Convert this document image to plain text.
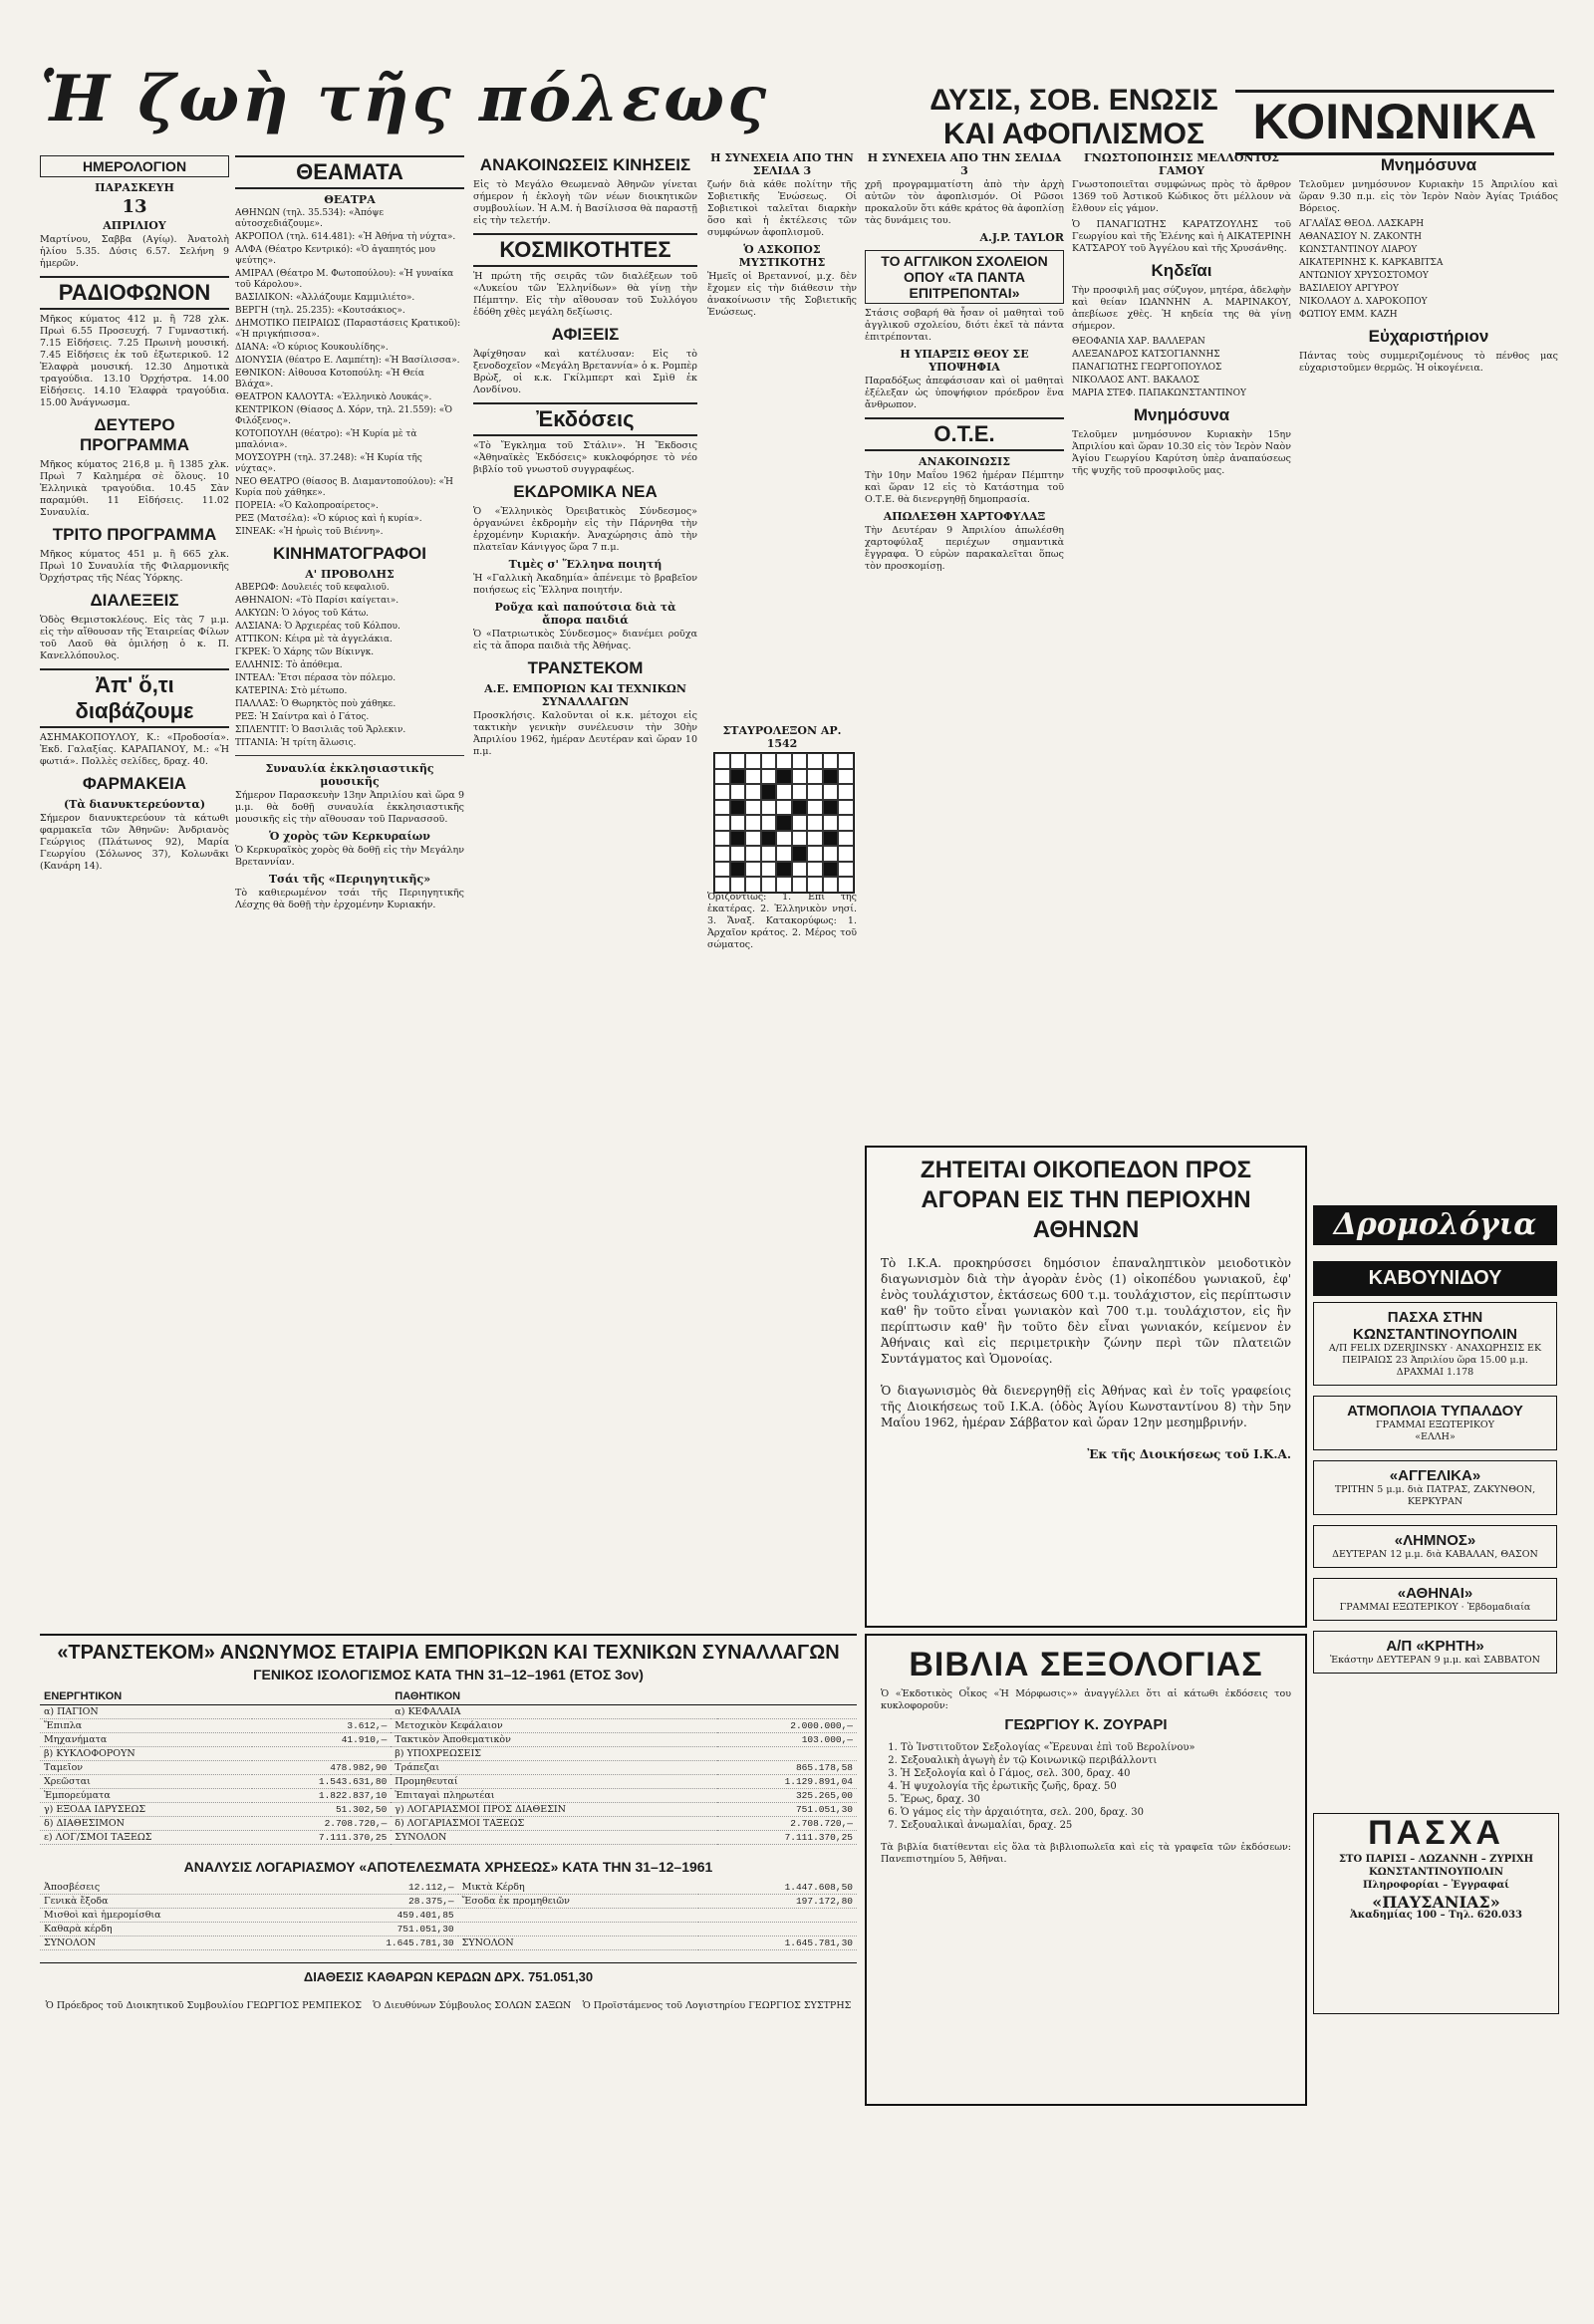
Ἡ ζωὴ τῆς πόλεως	ΔΥΣΙΣ, ΣΟΒ. ΕΝΩΣΙΣ
ΚΑΙ ΑΦΟΠΛΙΣΜΟΣ ΚΟΙΝΩΝΙΚΑ
ΗΜΕΡΟΛΟΓΙΟΝ
ΠΑΡΑΣΚΕΥΗ
13
ΑΠΡΙΛΙΟΥ

Μαρτίνου, Σαββα (Αγίῳ). Ἀνατολὴ ἡλίου 5.35. Δύσις 6.57. Σελήνη 9 ἡμερῶν.

ΡΑΔΙΟΦΩΝΟΝ

Μῆκος κύματος 412 μ. ἢ 728 χλκ. Πρωὶ 6.55 Προσευχή. 7 Γυμναστική. 7.15 Εἰδήσεις. 7.25 Πρωινὴ μουσική. 7.45 Εἰδήσεις ἐκ τοῦ ἐξωτερικοῦ. 12 Ἐλαφρὰ μουσική. 12.30 Δημοτικὰ τραγούδια. 13.10 Ὀρχήστρα. 14.00 Εἰδήσεις. 14.10 Ἐλαφρὰ τραγούδια. 15.00 Ἀνάγνωσμα.

ΔΕΥΤΕΡΟ ΠΡΟΓΡΑΜΜΑ

Μῆκος κύματος 216,8 μ. ἢ 1385 χλκ. Πρωὶ 7 Καλημέρα σὲ ὅλους. 10 Ἑλληνικὰ τραγούδια. 10.45 Σὰν παραμύθι. 11 Εἰδήσεις. 11.02 Συναυλία.

ΤΡΙΤΟ ΠΡΟΓΡΑΜΜΑ

Μῆκος κύματος 451 μ. ἢ 665 χλκ. Πρωὶ 10 Συναυλία τῆς Φιλαρμονικῆς Ὀρχήστρας τῆς Νέας Ὑόρκης.

ΔΙΑΛΕΞΕΙΣ

Ὁδὸς Θεμιστοκλέους. Εἰς τὰς 7 μ.μ. εἰς τὴν αἴθουσαν τῆς Ἑταιρείας Φίλων τοῦ Λαοῦ θὰ ὁμιλήσῃ ὁ κ. Π. Κανελλόπουλος.

Ἀπ' ὅ,τι διαβάζουμε

ΑΣΗΜΑΚΟΠΟΥΛΟΥ, Κ.: «Προδοσία». Ἐκδ. Γαλαξίας. ΚΑΡΑΠΑΝΟΥ, Μ.: «Ἡ φωτιά». Πολλὲς σελίδες, δραχ. 40.

ΦΑΡΜΑΚΕΙΑ
(Τὰ διανυκτερεύοντα)

Σήμερον διανυκτερεύουν τὰ κάτωθι φαρμακεῖα τῶν Ἀθηνῶν: Ἀνδριανὸς Γεώργιος (Πλάτωνος 92), Μαρία Γεωργίου (Σόλωνος 37), Κολωνᾶκι (Κανάρη 14).

ΘΕΑΜΑΤΑ
ΘΕΑΤΡΑ
ΑΘΗΝΩΝ (τηλ. 35.534): «Ἀπόψε αὐτοσχεδιάζουμε».
ΑΚΡΟΠΟΛ (τηλ. 614.481): «Ἡ Ἀθήνα τὴ νύχτα».
ΑΛΦΑ (Θέατρο Κεντρικό): «Ὁ ἀγαπητός μου ψεύτης».
ΑΜΙΡΑΛ (Θέατρο Μ. Φωτοπούλου): «Ἡ γυναίκα τοῦ Κάρολου».
ΒΑΣΙΛΙΚΟΝ: «Ἀλλάζουμε Καμμιλιέτο».
ΒΕΡΓΗ (τηλ. 25.235): «Κουτσάκιος».
ΔΗΜΟΤΙΚΟ ΠΕΙΡΑΙΩΣ (Παραστάσεις Κρατικοῦ): «Ἡ πριγκήπισσα».
ΔΙΑΝΑ: «Ὁ κύριος Κουκουλίδης».
ΔΙΟΝΥΣΙΑ (θέατρο Ε. Λαμπέτη): «Ἡ Βασίλισσα».
ΕΘΝΙΚΟΝ: Αἰθουσα Κοτοπούλη: «Ἡ Θεία Βλάχα».
ΘΕΑΤΡΟΝ ΚΑΛΟΥΤΑ: «Ἑλληνικὸ Λουκάς».
ΚΕΝΤΡΙΚΟΝ (Θίασος Δ. Χόρν, τηλ. 21.559): «Ὁ Φιλόξενος».
ΚΟΤΟΠΟΥΛΗ (θέατρο): «Ἡ Κυρία μὲ τὰ μπαλόνια».
ΜΟΥΣΟΥΡΗ (τηλ. 37.248): «Ἡ Κυρία τῆς νύχτας».
ΝΕΟ ΘΕΑΤΡΟ (θίασος Β. Διαμαντοπούλου): «Ἡ Κυρία ποὺ χάθηκε».
ΠΟΡΕΙΑ: «Ὁ Καλοπροαίρετος».
ΡΕΞ (Ματσέλα): «Ὁ κύριος καὶ ἡ κυρία».
ΣΙΝΕΑΚ: «Ἡ ἡρωὶς τοῦ Βιέννη».
ΚΙΝΗΜΑΤΟΓΡΑΦΟΙ
Α' ΠΡΟΒΟΛΗΣ
ΑΒΕΡΩΦ: Δουλειές τοῦ κεφαλιοῦ.
ΑΘΗΝΑΙΟΝ: «Τὸ Παρίσι καίγεται».
ΑΛΚΥΩΝ: Ὁ λόγος τοῦ Κάτω.
ΑΛΣΙΑΝΑ: Ὁ Ἀρχιερέας τοῦ Κόλπου.
ΑΤΤΙΚΟΝ: Κέιρα μὲ τὰ ἀγγελάκια.
ΓΚΡΕΚ: Ὁ Χάρης τῶν Βίκινγκ.
ΕΛΛΗΝΙΣ: Τὸ ἀπόθεμα.
ΙΝΤΕΑΛ: Ἔτσι πέρασα τὸν πόλεμο.
ΚΑΤΕΡΙΝΑ: Στὸ μέτωπο.
ΠΑΛΛΑΣ: Ὁ Θωρηκτὸς ποὺ χάθηκε.
ΡΕΞ: Ἡ Σαίντρα καὶ ὁ Γάτος.
ΣΠΛΕΝΤΙΤ: Ὁ Βασιλιᾶς τοῦ Ἄρλεκιν.
ΤΙΤΑΝΙΑ: Ἡ τρίτη ἄλωσις.
Συναυλία ἐκκλησιαστικῆς μουσικῆς

Σήμερον Παρασκευὴν 13ην Ἀπριλίου καὶ ὥρα 9 μ.μ. θὰ δοθῇ συναυλία ἐκκλησιαστικῆς μουσικῆς εἰς τὴν αἴθουσαν τοῦ Παρνασσοῦ.

Ὁ χορὸς τῶν Κερκυραίων

Ὁ Κερκυραϊκὸς χορὸς θὰ δοθῇ εἰς τὴν Μεγάλην Βρεταννίαν.

Τσάι τῆς «Περιηγητικῆς»

Τὸ καθιερωμένον τσάι τῆς Περιηγητικῆς Λέσχης θὰ δοθῇ τὴν ἐρχομένην Κυριακήν.

ΑΝΑΚΟΙΝΩΣΕΙΣ ΚΙΝΗΣΕΙΣ

Εἰς τὸ Μεγάλο Θεωμεναὸ Ἀθηνῶν γίνεται σήμερον ἡ ἐκλογὴ τῶν νέων διοικητικῶν συμβουλίων. Ἡ Α.Μ. ἡ Βασίλισσα θὰ παραστῇ εἰς τὴν τελετήν.

ΚΟΣΜΙΚΟΤΗΤΕΣ

Ἡ πρώτη τῆς σειρᾶς τῶν διαλέξεων τοῦ «Λυκείου τῶν Ἑλληνίδων» θὰ γίνῃ τὴν Πέμπτην. Εἰς τὴν αἴθουσαν τοῦ Συλλόγου ἐδόθη χθὲς μεγάλη δεξίωσις.

ΑΦΙΞΕΙΣ

Ἀφίχθησαν καὶ κατέλυσαν: Εἰς τὸ ξενοδοχεῖον «Μεγάλη Βρεταννία» ὁ κ. Ρομπὲρ Βρὼξ, οἱ κ.κ. Γκίλμπερτ καὶ Σμὶθ ἐκ Λονδίνου.

Ἐκδόσεις

«Τὸ Ἔγκλημα τοῦ Στάλιν». Ἡ Ἔκδοσις «Ἀθηναϊκὲς Ἐκδόσεις» κυκλοφόρησε τὸ νέο βιβλίο τοῦ γνωστοῦ συγγραφέως.

ΕΚΔΡΟΜΙΚΑ ΝΕΑ

Ὁ «Ἑλληνικὸς Ὀρειβατικὸς Σύνδεσμος» ὀργανώνει ἐκδρομὴν εἰς τὴν Πάρνηθα τὴν ἐρχομένην Κυριακήν. Ἀναχώρησις ἀπὸ τὴν πλατεῖαν Κάνιγγος ὥρα 7 π.μ.

Τιμὲς σ' Ἕλληνα ποιητή

Ἡ «Γαλλικὴ Ἀκαδημία» ἀπένειμε τὸ βραβεῖον ποιήσεως εἰς Ἕλληνα ποιητήν.

Ροῦχα καὶ παπούτσια διὰ τὰ ἄπορα παιδιά

Ὁ «Πατριωτικὸς Σύνδεσμος» διανέμει ροῦχα εἰς τὰ ἄπορα παιδιὰ τῆς Ἀθήνας.

ΤΡΑΝΣΤΕΚΟΜ
Α.Ε. ΕΜΠΟΡΙΩΝ ΚΑΙ ΤΕΧΝΙΚΩΝ ΣΥΝΑΛΛΑΓΩΝ

Προσκλήσις. Καλοῦνται οἱ κ.κ. μέτοχοι εἰς τακτικὴν γενικὴν συνέλευσιν τὴν 30ὴν Ἀπριλίου 1962, ἡμέραν Δευτέραν καὶ ὥραν 10 π.μ.

Η ΣΥΝΕΧΕΙΑ ΑΠΟ ΤΗΝ ΣΕΛΙΔΑ 3

ζωήν διὰ κάθε πολίτην τῆς Σοβιετικῆς Ἑνώσεως. Οἱ Σοβιετικοὶ ταλεῖται διαρκὴν ὅσο καὶ ἡ ἐκτέλεσις τῶν συμφώνων ἀφοπλισμοῦ.

Ὁ ΑΣΚΟΠΟΣ ΜΥΣΤΙΚΟΤΗΣ

Ἡμεῖς οἱ Βρεταννοί, μ.χ. δὲν ἔχομεν εἰς τὴν διάθεσιν τὴν ἀνακοίνωσιν τῆς Σοβιετικῆς Ἑνώσεως.

ΣΤΑΥΡΟΛΕΞΟΝ ΑΡ. 1542

Ὁριζοντίως: 1. Ἐπὶ τῆς ἑκατέρας. 2. Ἑλληνικὸν νησί. 3. Ἄναξ. Κατακορύφως: 1. Ἀρχαῖον κράτος. 2. Μέρος τοῦ σώματος.

Η ΣΥΝΕΧΕΙΑ ΑΠΟ ΤΗΝ ΣΕΛΙΔΑ 3

χρῆ προγραμματίστη ἀπὸ τὴν ἀρχὴ αὐτῶν τὸν ἀφοπλισμόν. Οἱ Ρῶσοι προκαλοῦν ὅτι κάθε κράτος θὰ ἀφοπλίσῃ τὰς δυνάμεις του.

A.J.P. TAYLOR
ΤΟ ΑΓΓΛΙΚΟΝ ΣΧΟΛΕΙΟΝ ΟΠΟΥ «ΤΑ ΠΑΝΤΑ ΕΠΙΤΡΕΠΟΝΤΑΙ»

Στάσις σοβαρή θὰ ἦσαν οἱ μαθηταὶ τοῦ ἀγγλικοῦ σχολείου, διότι ἐκεῖ τὰ πάντα ἐπιτρέπονται.

Η ΥΠΑΡΞΙΣ ΘΕΟΥ ΣΕ ΥΠΟΨΗΦΙΑ

Παραδόξως ἀπεφάσισαν καὶ οἱ μαθηταὶ ἐξέλεξαν ὡς ὑποψήφιον πρόεδρον ἕνα ἄνθρωπον.

Ο.Τ.Ε.
ΑΝΑΚΟΙΝΩΣΙΣ

Τὴν 10ην Μαΐου 1962 ἡμέραν Πέμπτην καὶ ὥραν 12 εἰς τὸ Κατάστημα τοῦ Ο.Τ.Ε. θὰ διενεργηθῇ δημοπρασία.

ΑΠΩΛΕΣΘΗ ΧΑΡΤΟΦΥΛΑΞ

Τὴν Δευτέραν 9 Ἀπριλίου ἀπωλέσθη χαρτοφύλαξ περιέχων σημαντικὰ ἔγγραφα. Ὁ εὑρὼν παρακαλεῖται ὅπως τὸν προσκομίσῃ.

ΓΝΩΣΤΟΠΟΙΗΣΙΣ ΜΕΛΛΟΝΤΟΣ ΓΑΜΟΥ

Γνωστοποιεῖται συμφώνως πρὸς τὸ ἄρθρον 1369 τοῦ Ἀστικοῦ Κώδικος ὅτι μέλλουν νὰ ἔλθουν εἰς γάμον.

Ὁ ΠΑΝΑΓΙΩΤΗΣ ΚΑΡΑΤΖΟΥΛΗΣ τοῦ Γεωργίου καὶ τῆς Ἑλένης καὶ ἡ ΑΙΚΑΤΕΡΙΝΗ ΚΑΤΣΑΡΟΥ τοῦ Ἀγγέλου καὶ τῆς Χρυσάνθης.

Κηδεῖαι

Τὴν προσφιλῆ μας σύζυγον, μητέρα, ἀδελφὴν καὶ θείαν ΙΩΑΝΝΗΝ Α. ΜΑΡΙΝΑΚΟΥ, ἀπεβίωσε χθὲς. Ἡ κηδεία της θὰ γίνῃ σήμερον.

ΘΕΟΦΑΝΙΑ ΧΑΡ. ΒΑΛΛΕΡΑΝ
ΑΛΕΞΑΝΔΡΟΣ ΚΑΤΣΟΓΙΑΝΝΗΣ
ΠΑΝΑΓΙΩΤΗΣ ΓΕΩΡΓΟΠΟΥΛΟΣ
ΝΙΚΟΛΑΟΣ ΑΝΤ. ΒΑΚΑΛΟΣ
ΜΑΡΙΑ ΣΤΕΦ. ΠΑΠΑΚΩΝΣΤΑΝΤΙΝΟΥ
Μνημόσυνα

Τελοῦμεν μνημόσυνον Κυριακὴν 15ην Ἀπριλίου καὶ ὥραν 10.30 εἰς τὸν Ἱερὸν Ναὸν Ἁγίου Γεωργίου Καρύτση ὑπὲρ ἀναπαύσεως τῆς ψυχῆς τοῦ προσφιλοῦς μας.

Μνημόσυνα

Τελοῦμεν μνημόσυνον Κυριακὴν 15 Ἀπριλίου καὶ ὥραν 9.30 π.μ. εἰς τὸν Ἱερὸν Ναὸν Ἁγίας Τριάδος Βόρειος.

ΑΓΛΑΪΑΣ ΘΕΟΔ. ΛΑΣΚΑΡΗ
ΑΘΑΝΑΣΙΟΥ Ν. ΖΑΚΟΝΤΗ
ΚΩΝΣΤΑΝΤΙΝΟΥ ΛΙΑΡΟΥ
ΑΙΚΑΤΕΡΙΝΗΣ Κ. ΚΑΡΚΑΒΙΤΣΑ
ΑΝΤΩΝΙΟΥ ΧΡΥΣΟΣΤΟΜΟΥ
ΒΑΣΙΛΕΙΟΥ ΑΡΓΥΡΟΥ
ΝΙΚΟΛΑΟΥ Δ. ΧΑΡΟΚΟΠΟΥ
ΦΩΤΙΟΥ ΕΜΜ. ΚΑΖΗ
Εὐχαριστήριον

Πάντας τοὺς συμμεριζομένους τὸ πένθος μας εὐχαριστοῦμεν θερμῶς. Ἡ οἰκογένεια.

ΖΗΤΕΙΤΑΙ ΟΙΚΟΠΕΔΟΝ ΠΡΟΣ ΑΓΟΡΑΝ ΕΙΣ ΤΗΝ ΠΕΡΙΟΧΗΝ ΑΘΗΝΩΝ
Τὸ Ι.Κ.Α. προκηρύσσει δημόσιον ἐπαναληπτικὸν μειοδοτικὸν διαγωνισμὸν διὰ τὴν ἀγορὰν ἑνὸς (1) οἰκοπέδου γωνιακοῦ, ἐφ' ἑνὸς τουλάχιστον, ἐκτάσεως 600 τ.μ. τουλάχιστον, εἰς περίπτωσιν καθ' ἣν τοῦτο εἶναι γωνιακὸν καὶ 700 τ.μ. τουλάχιστον, εἰς ἣν περίπτωσιν καθ' ἣν τοῦτο δὲν εἶναι γωνιακόν, κείμενον ἐν Ἀθήναις καὶ εἰς περιμετρικὴν ζώνην περὶ τῶν πλατειῶν Συντάγματος καὶ Ὁμονοίας.
Ὁ διαγωνισμὸς θὰ διενεργηθῇ εἰς Ἀθήνας καὶ ἐν τοῖς γραφείοις τῆς Διοικήσεως τοῦ Ι.Κ.Α. (ὁδὸς Ἁγίου Κωνσταντίνου 8) τὴν 5ην Μαΐου 1962, ἡμέραν Σάββατον καὶ ὥραν 12ην μεσημβρινήν.
Ἐκ τῆς Διοικήσεως τοῦ Ι.Κ.Α.
ΒΙΒΛΙΑ ΣΕΞΟΛΟΓΙΑΣ
Ὁ «Ἐκδοτικὸς Οἶκος «Ἡ Μόρφωσις»» ἀναγγέλλει ὅτι αἱ κάτωθι ἐκδόσεις του κυκλοφοροῦν:
ΓΕΩΡΓΙΟΥ Κ. ΖΟΥΡΑΡΙ
1. Τὸ Ἰνστιτοῦτον Σεξολογίας «Ἔρευναι ἐπὶ τοῦ Βερολίνου»
2. Σεξουαλικὴ ἀγωγὴ ἐν τῷ Κοινωνικῷ περιβάλλοντι
3. Ἡ Σεξολογία καὶ ὁ Γάμος, σελ. 300, δραχ. 40
4. Ἡ ψυχολογία τῆς ἐρωτικῆς ζωῆς, δραχ. 50
5. Ἔρως, δραχ. 30
6. Ὁ γάμος εἰς τὴν ἀρχαιότητα, σελ. 200, δραχ. 30
7. Σεξουαλικαὶ ἀνωμαλίαι, δραχ. 25
Τὰ βιβλία διατίθενται εἰς ὅλα τὰ βιβλιοπωλεῖα καὶ εἰς τὰ γραφεῖα τῶν ἐκδόσεων: Πανεπιστημίου 5, Ἀθῆναι.
Δρομολόγια
ΚΑΒΟΥΝΙΔΟΥ
ΠΑΣΧΑ ΣΤΗΝ ΚΩΝΣΤΑΝΤΙΝΟΥΠΟΛΙΝ
Α/Π FELIX DZERJINSKY · ΑΝΑΧΩΡΗΣΙΣ ΕΚ ΠΕΙΡΑΙΩΣ 23 Ἀπριλίου ὥρα 15.00 μ.μ.
ΔΡΑΧΜΑΙ 1.178
ΑΤΜΟΠΛΟΙΑ ΤΥΠΑΛΔΟΥ
ΓΡΑΜΜΑΙ ΕΞΩΤΕΡΙΚΟΥ
«ΕΛΛΗ»
«ΑΓΓΕΛΙΚΑ»
ΤΡΙΤΗΝ 5 μ.μ. διὰ ΠΑΤΡΑΣ, ΖΑΚΥΝΘΟΝ, ΚΕΡΚΥΡΑΝ
«ΛΗΜΝΟΣ»
ΔΕΥΤΕΡΑΝ 12 μ.μ. διὰ ΚΑΒΑΛΑΝ, ΘΑΣΟΝ
«ΑΘΗΝΑΙ»
ΓΡΑΜΜΑΙ ΕΞΩΤΕΡΙΚΟΥ · Ἐβδομαδιαία
Α/Π «ΚΡΗΤΗ»
Ἐκάστην ΔΕΥΤΕΡΑΝ 9 μ.μ. καὶ ΣΑΒΒΑΤΟΝ
ΠΑΣΧΑ
ΣΤΟ ΠΑΡΙΣΙ – ΛΩΖΑΝΝΗ – ΖΥΡΙΧΗ
ΚΩΝΣΤΑΝΤΙΝΟΥΠΟΛΙΝ
Πληροφορίαι – Ἐγγραφαί
«ΠΑΥΣΑΝΙΑΣ»
Ἀκαδημίας 100 – Τηλ. 620.033
«ΤΡΑΝΣΤΕΚΟΜ» ΑΝΩΝΥΜΟΣ ΕΤΑΙΡΙΑ ΕΜΠΟΡΙΚΩΝ ΚΑΙ ΤΕΧΝΙΚΩΝ ΣΥΝΑΛΛΑΓΩΝ
ΓΕΝΙΚΟΣ ΙΣΟΛΟΓΙΣΜΟΣ ΚΑΤΑ ΤΗΝ 31–12–1961 (ΕΤΟΣ 3ον)
ΕΝΕΡΓΗΤΙΚΟΝ		ΠΑΘΗΤΙΚΟΝ	
α) ΠΑΓΙΟΝ		α) ΚΕΦΑΛΑΙΑ	
Ἔπιπλα	3.612,—	Μετοχικὸν Κεφάλαιον	2.000.000,—
Μηχανήματα	41.910,—	Τακτικὸν Ἀποθεματικὸν	103.000,—
β) ΚΥΚΛΟΦΟΡΟΥΝ		β) ΥΠΟΧΡΕΩΣΕΙΣ	
Ταμεῖον	478.982,90	Τράπεζαι	865.178,58
Χρεῶσται	1.543.631,80	Προμηθευταί	1.129.891,04
Ἐμπορεύματα	1.822.837,10	Ἐπιταγαὶ πληρωτέαι	325.265,00
γ) ΕΞΟΔΑ ΙΔΡΥΣΕΩΣ	51.302,50	γ) ΛΟΓΑΡΙΑΣΜΟΙ ΠΡΟΣ ΔΙΑΘΕΣΙΝ	751.051,30
δ) ΔΙΑΘΕΣΙΜΟΝ	2.708.720,—	δ) ΛΟΓΑΡΙΑΣΜΟΙ ΤΑΞΕΩΣ	2.708.720,—
ε) ΛΟΓ/ΣΜΟΙ ΤΑΞΕΩΣ	7.111.370,25	ΣΥΝΟΛΟΝ	7.111.370,25
ΑΝΑΛΥΣΙΣ ΛΟΓΑΡΙΑΣΜΟΥ «ΑΠΟΤΕΛΕΣΜΑΤΑ ΧΡΗΣΕΩΣ» ΚΑΤΑ ΤΗΝ 31–12–1961
Ἀποσβέσεις	12.112,—	Μικτὰ Κέρδη	1.447.608,50
Γενικὰ ἔξοδα	28.375,—	Ἔσοδα ἐκ προμηθειῶν	197.172,80
Μισθοὶ καὶ ἡμερομίσθια	459.401,85		
Καθαρὰ κέρδη	751.051,30		
ΣΥΝΟΛΟΝ	1.645.781,30	ΣΥΝΟΛΟΝ	1.645.781,30
ΔΙΑΘΕΣΙΣ ΚΑΘΑΡΩΝ ΚΕΡΔΩΝ ΔΡΧ. 751.051,30
Ὁ Πρόεδρος τοῦ Διοικητικοῦ Συμβουλίου ΓΕΩΡΓΙΟΣ ΡΕΜΠΕΚΟΣ Ὁ Διευθύνων Σύμβουλος ΣΟΛΩΝ ΣΑΞΩΝ Ὁ Προϊστάμενος τοῦ Λογιστηρίου ΓΕΩΡΓΙΟΣ ΣΥΣΤΡΗΣ
